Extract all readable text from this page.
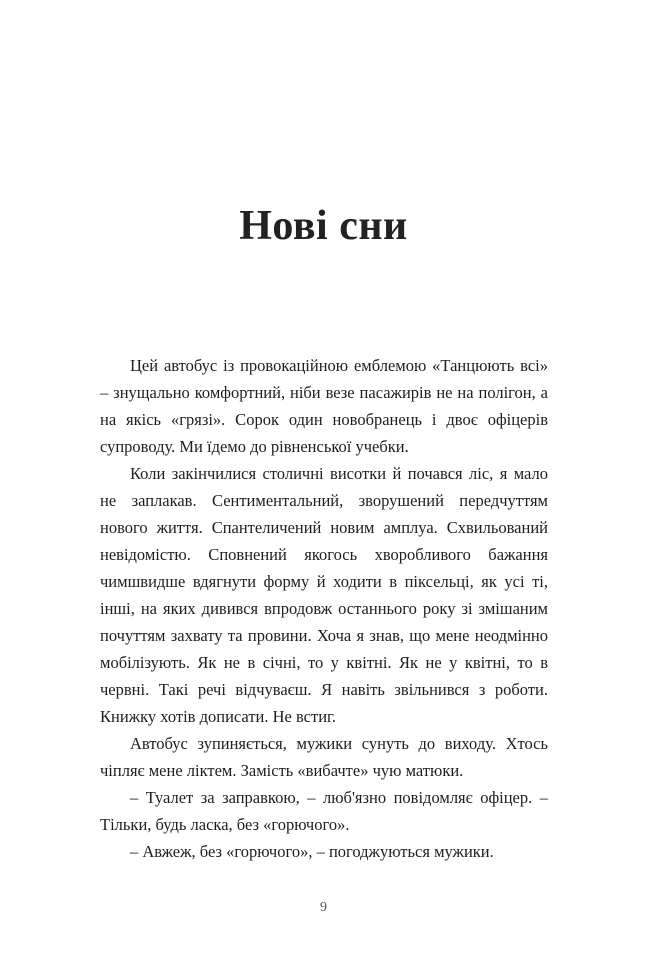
Нові сни

Цей автобус із провокаційною емблемою «Танцюють всі» – знущально комфортний, ніби везе пасажирів не на полігон, а на якісь «грязі». Сорок один новобранець і двоє офіцерів супроводу. Ми їдемо до рівненської учебки.

Коли закінчилися столичні висотки й почався ліс, я мало не заплакав. Сентиментальний, зворушений передчуттям нового життя. Спантеличений новим амплуа. Схвильований невідомістю. Сповнений якогось хворобливого бажання чимшвидше вдягнути форму й ходити в піксельці, як усі ті, інші, на яких дивився впродовж останнього року зі змішаним почуттям захвату та провини. Хоча я знав, що мене неодмінно мобілізують. Як не в січні, то у квітні. Як не у квітні, то в червні. Такі речі відчуваєш. Я навіть звільнився з роботи. Книжку хотів дописати. Не встиг.

Автобус зупиняється, мужики сунуть до виходу. Хтось чіпляє мене ліктем. Замість «вибачте» чую матюки.

– Туалет за заправкою, – люб'язно повідомляє офіцер. – Тільки, будь ласка, без «горючого».

– Авжеж, без «горючого», – погоджуються мужики.

9
